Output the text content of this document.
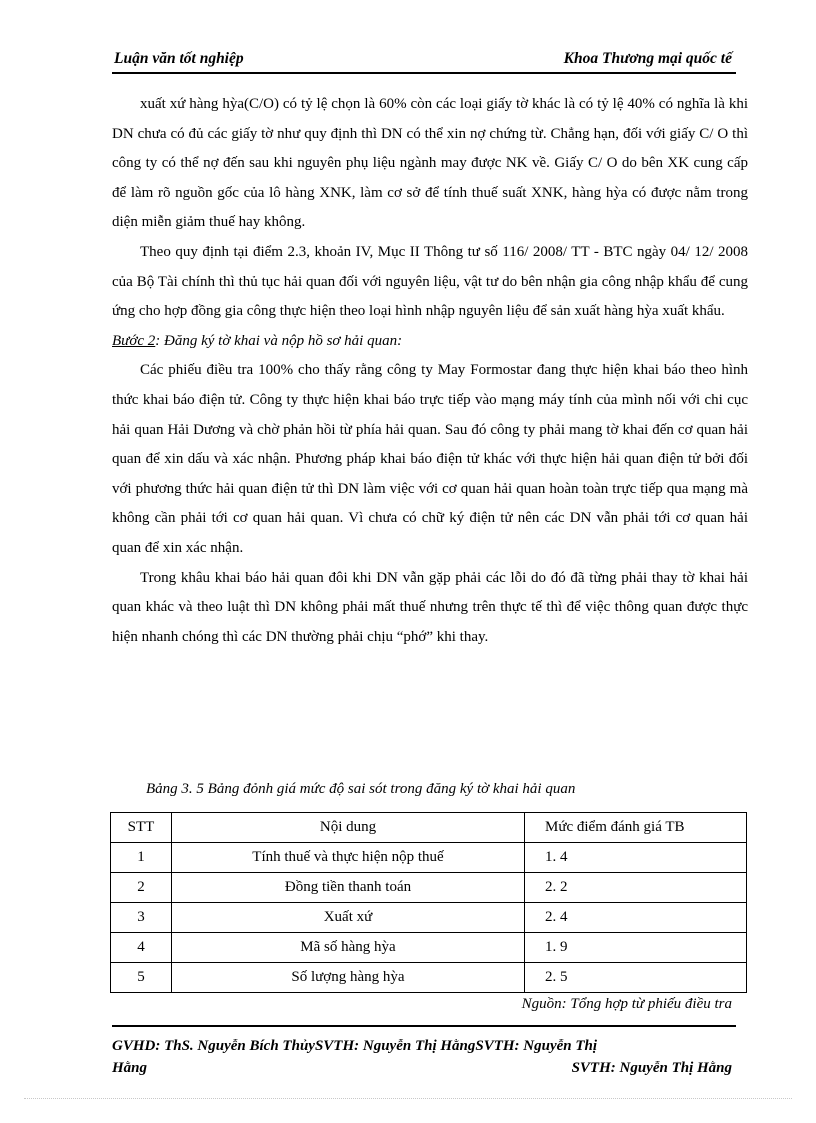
Luận văn tốt nghiệp	Khoa Thương mại quốc tế

xuất xứ hàng hỳa(C/O) có tỷ lệ chọn là 60% còn các loại giấy tờ khác là có tỷ lệ 40% có nghĩa là khi DN chưa có đủ các giấy tờ như quy định thì DN có thể xin nợ chứng từ. Chẳng hạn, đối với giấy C/ O thì công ty có thể nợ đến sau khi nguyên phụ liệu ngành may được NK về. Giấy C/ O do bên XK cung cấp để làm rõ nguồn gốc của lô hàng XNK, làm cơ sở để tính thuế suất XNK, hàng hỳa có được nằm trong diện miễn giảm thuế hay không.

Theo quy định tại điểm 2.3, khoản IV, Mục II Thông tư số 116/ 2008/ TT - BTC ngày 04/ 12/ 2008 của Bộ Tài chính thì thủ tục hải quan đối với nguyên liệu, vật tư do bên nhận gia công nhập khẩu để cung ứng cho hợp đồng gia công thực hiện theo loại hình nhập nguyên liệu để sản xuất hàng hỳa xuất khẩu.

Bước 2: Đăng ký tờ khai và nộp hồ sơ hải quan:

Các phiếu điều tra 100% cho thấy rằng công ty May Formostar đang thực hiện khai báo theo hình thức khai báo điện tử. Công ty thực hiện khai báo trực tiếp vào mạng máy tính của mình nối với chi cục hải quan Hải Dương và chờ phản hồi từ phía hải quan. Sau đó công ty phải mang tờ khai đến cơ quan hải quan để xin dấu và xác nhận. Phương pháp khai báo điện tử khác với thực hiện hải quan điện tử bởi đối với phương thức hải quan điện tử thì DN làm việc với cơ quan hải quan hoàn toàn trực tiếp qua mạng mà không cần phải tới cơ quan hải quan. Vì chưa có chữ ký điện tử nên các DN vẫn phải tới cơ quan hải quan để xin xác nhận.

Trong khâu khai báo hải quan đôi khi DN vẫn gặp phải các lỗi do đó đã từng phải thay tờ khai hải quan khác và theo luật thì DN không phải mất thuế nhưng trên thực tế thì để việc thông quan được thực hiện nhanh chóng thì các DN thường phải chịu “phớ” khi thay.

Bảng 3. 5 Bảng đỏnh giá mức độ sai sót trong đăng ký tờ khai hải quan
STT	Nội dung	Mức điểm đánh giá TB
1	Tính thuế và thực hiện nộp thuế	1. 4
2	Đồng tiền thanh toán	2. 2
3	Xuất xứ	2. 4
4	Mã số hàng hỳa	1. 9
5	Số lượng hàng hỳa	2. 5
Nguồn: Tổng hợp từ phiếu điều tra
GVHD: ThS. Nguyễn Bích ThủySVTH: Nguyễn Thị HằngSVTH: Nguyễn Thị
Hằng	SVTH: Nguyễn Thị Hằng
